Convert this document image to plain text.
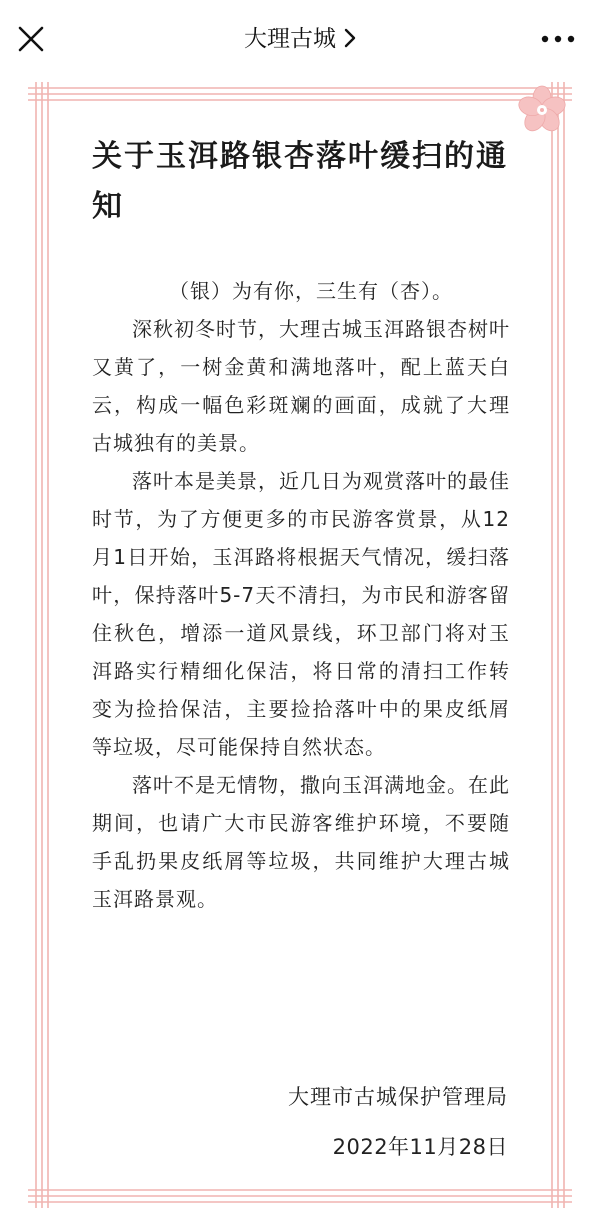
大理古城
关于玉洱路银杏落叶缓扫的通知

（银）为有你，三生有（杏）。

深秋初冬时节，大理古城玉洱路银杏树叶又黄了，一树金黄和满地落叶，配上蓝天白云，构成一幅色彩斑斓的画面，成就了大理古城独有的美景。

落叶本是美景，近几日为观赏落叶的最佳时节，为了方便更多的市民游客赏景，从12月1日开始，玉洱路将根据天气情况，缓扫落叶，保持落叶5-7天不清扫，为市民和游客留住秋色，增添一道风景线，环卫部门将对玉洱路实行精细化保洁，将日常的清扫工作转变为捡拾保洁，主要捡拾落叶中的果皮纸屑等垃圾，尽可能保持自然状态。

落叶不是无情物，撒向玉洱满地金。在此期间，也请广大市民游客维护环境，不要随手乱扔果皮纸屑等垃圾，共同维护大理古城玉洱路景观。

大理市古城保护管理局
2022年11月28日
